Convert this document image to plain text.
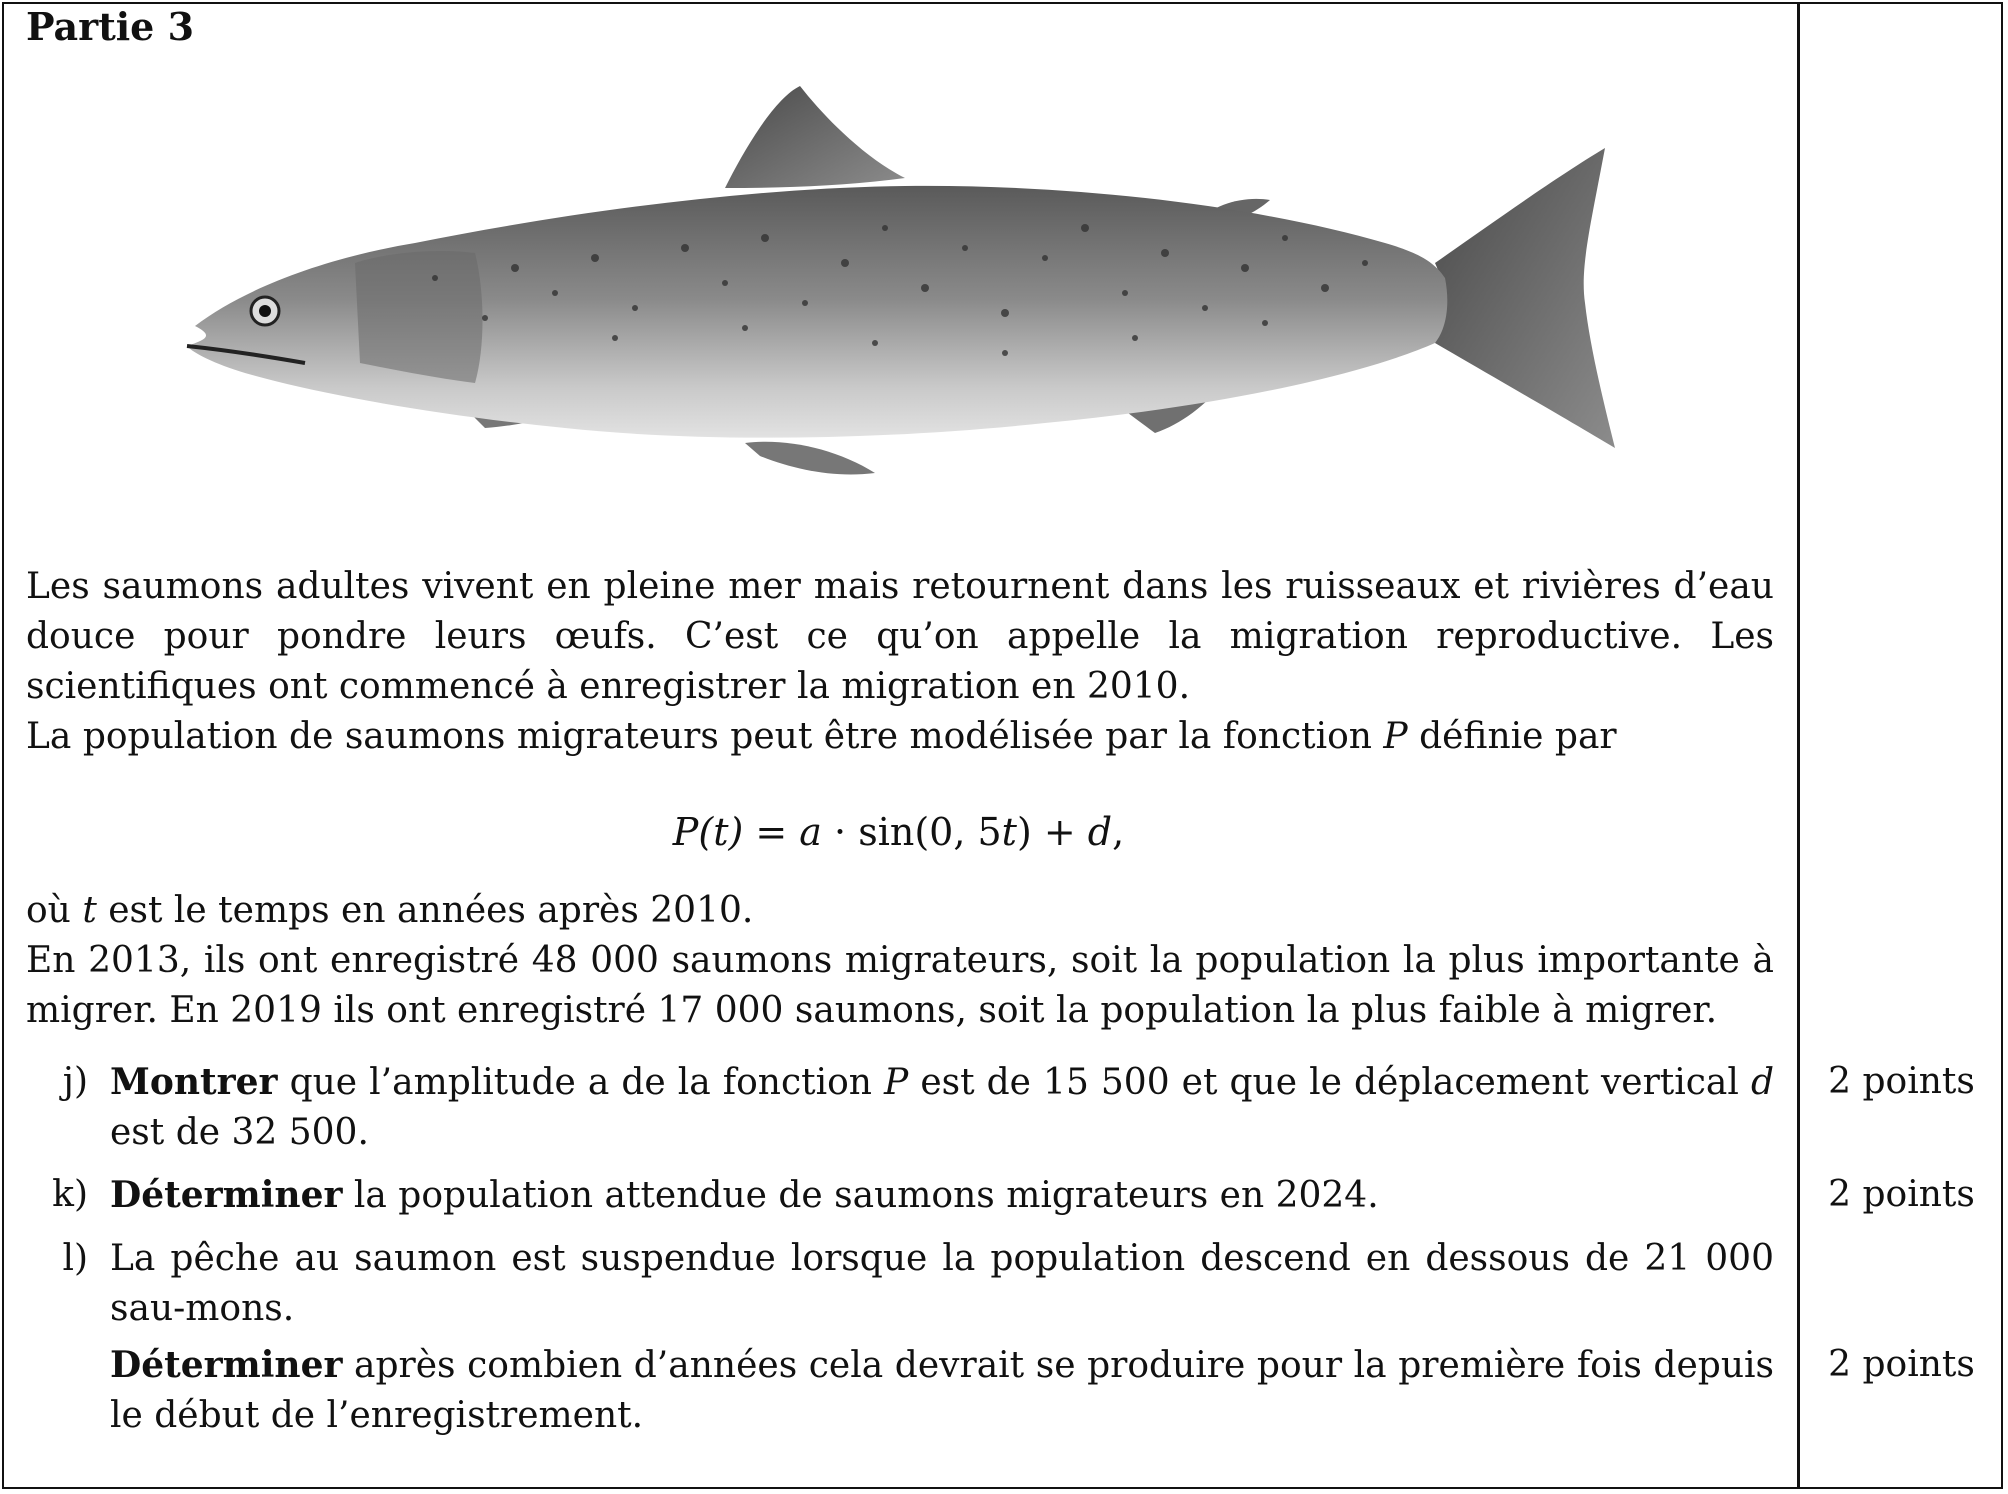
Partie 3
Les saumons adultes vivent en pleine mer mais retournent dans les ruisseaux et rivières d’eau douce pour pondre leurs œufs. C’est ce qu’on appelle la migration reproductive. Les scientifiques ont commencé à enregistrer la migration en 2010.
La population de saumons migrateurs peut être modélisée par la fonction P définie par
P(t) = a · sin(0, 5t) + d,
où t est le temps en années après 2010.
En 2013, ils ont enregistré 48 000 saumons migrateurs, soit la population la plus importante à migrer. En 2019 ils ont enregistré 17 000 saumons, soit la population la plus faible à migrer.
j) Montrer que l’amplitude a de la fonction P est de 15 500 et que le déplacement vertical d est de 32 500.
2 points
k) Déterminer la population attendue de saumons migrateurs en 2024.	2 points
l) La pêche au saumon est suspendue lorsque la population descend en dessous de 21 000 sau-mons.
Déterminer après combien d’années cela devrait se produire pour la première fois depuis le début de l’enregistrement.
2 points
